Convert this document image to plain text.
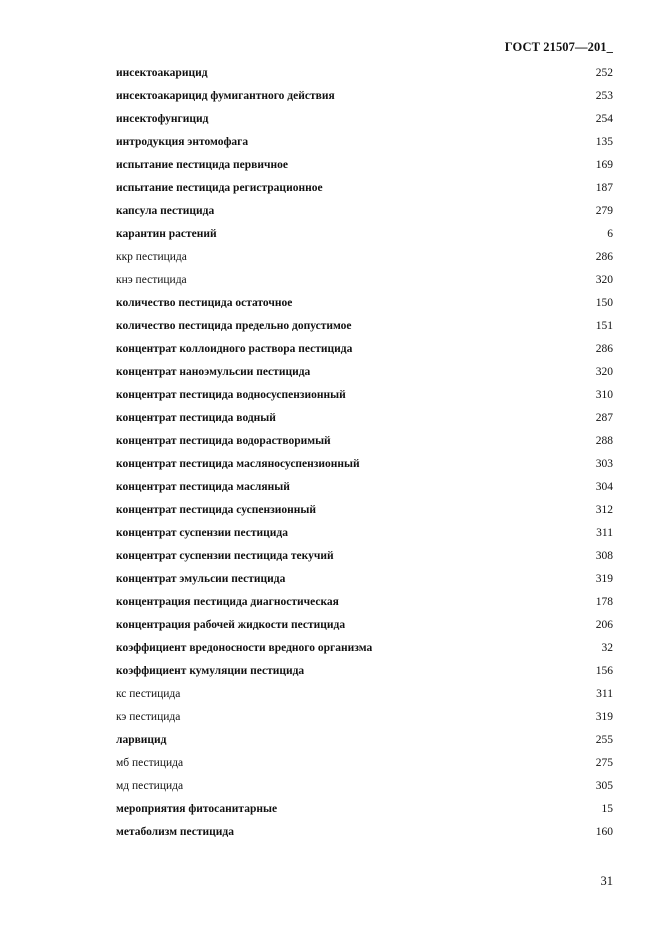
ГОСТ 21507—201_
инсектоакарицид	252
инсектоакарицид фумигантного действия	253
инсектофунгицид	254
интродукция энтомофага	135
испытание пестицида первичное	169
испытание пестицида регистрационное	187
капсула пестицида	279
карантин растений	6
ккр пестицида	286
кнэ пестицида	320
количество пестицида остаточное	150
количество пестицида предельно допустимое	151
концентрат коллоидного раствора пестицида	286
концентрат наноэмульсии пестицида	320
концентрат пестицида водносуспензионный	310
концентрат пестицида водный	287
концентрат пестицида водорастворимый	288
концентрат пестицида масляносуспензионный	303
концентрат пестицида масляный	304
концентрат пестицида суспензионный	312
концентрат суспензии пестицида	311
концентрат суспензии пестицида текучий	308
концентрат эмульсии пестицида	319
концентрация пестицида диагностическая	178
концентрация рабочей жидкости пестицида	206
коэффициент вредоносности вредного организма	32
коэффициент кумуляции пестицида	156
кс пестицида	311
кэ пестицида	319
ларвицид	255
мб пестицида	275
мд пестицида	305
мероприятия фитосанитарные	15
метаболизм пестицида	160
31
